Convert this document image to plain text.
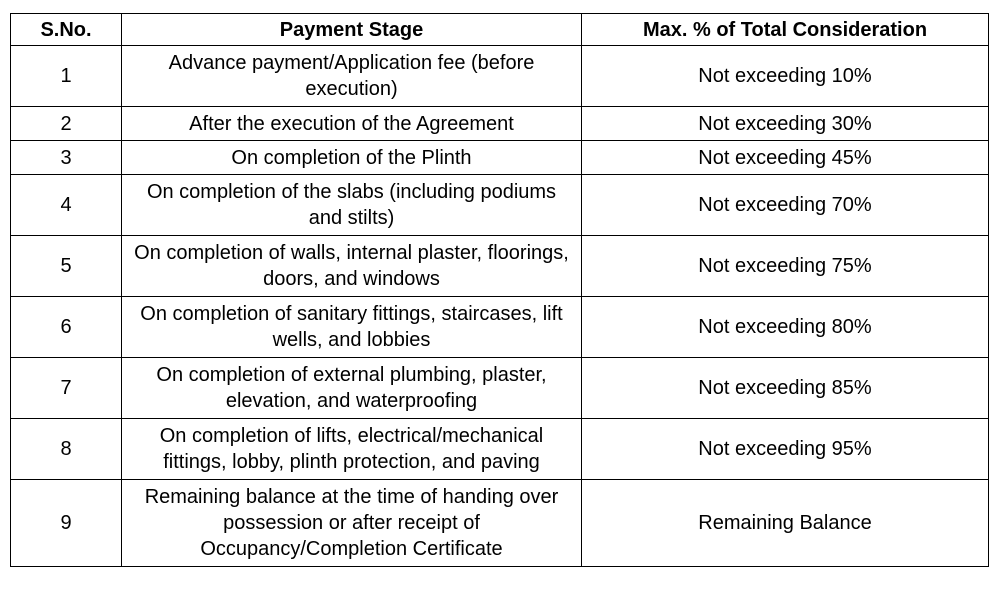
S.No.	Payment Stage	Max. % of Total Consideration
1	Advance payment/Application fee (before execution)	Not exceeding 10%
2	After the execution of the Agreement	Not exceeding 30%
3	On completion of the Plinth	Not exceeding 45%
4	On completion of the slabs (including podiums and stilts)	Not exceeding 70%
5	On completion of walls, internal plaster, floorings, doors, and windows	Not exceeding 75%
6	On completion of sanitary fittings, staircases, lift wells, and lobbies	Not exceeding 80%
7	On completion of external plumbing, plaster, elevation, and waterproofing	Not exceeding 85%
8	On completion of lifts, electrical/mechanical fittings, lobby, plinth protection, and paving	Not exceeding 95%
9	Remaining balance at the time of handing over possession or after receipt of Occupancy/Completion Certificate	Remaining Balance
